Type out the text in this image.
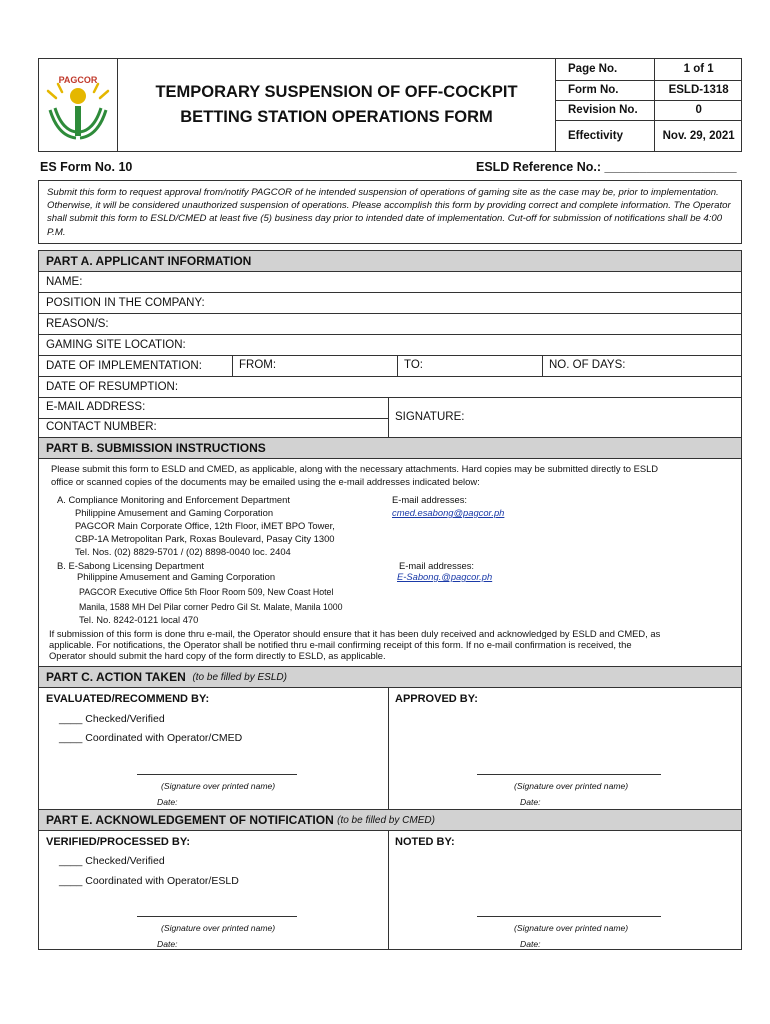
PAGCOR
TEMPORARY SUSPENSION OF OFF-COCKPIT
BETTING STATION OPERATIONS FORM
Page No.	1 of 1
Form No.	ESLD-1318
Revision No.	0
Effectivity	Nov. 29, 2021
ES Form No. 10	ESLD Reference No.: ___________________
Submit this form to request approval from/notify PAGCOR of he intended suspension of operations of gaming site as the case may be, prior to implementation. Otherwise, it will be considered unauthorized suspension of operations. Please accomplish this form by providing correct and complete information. The Operator shall submit this form to ESLD/CMED at least five (5) business day prior to intended date of implementation. Cut-off for submission of notifications shall be 4:00 P.M.
PART A. APPLICANT INFORMATION
NAME:
POSITION IN THE COMPANY:
REASON/S:
GAMING SITE LOCATION:
DATE OF IMPLEMENTATION:	FROM:	TO:	NO. OF DAYS:
DATE OF RESUMPTION:
E-MAIL ADDRESS:
CONTACT NUMBER:
SIGNATURE:
PART B. SUBMISSION INSTRUCTIONS
Please submit this form to ESLD and CMED, as applicable, along with the necessary attachments. Hard copies may be submitted directly to ESLD
office or scanned copies of the documents may be emailed using the e-mail addresses indicated below:
A. Compliance Monitoring and Enforcement Department
Philippine Amusement and Gaming Corporation
PAGCOR Main Corporate Office, 12th Floor, iMET BPO Tower,
CBP-1A Metropolitan Park, Roxas Boulevard, Pasay City 1300
Tel. Nos. (02) 8829-5701 / (02) 8898-0040 loc. 2404
E-mail addresses:
cmed.esabong@pagcor.ph
B. E-Sabong Licensing Department
Philippine Amusement and Gaming Corporation
PAGCOR Executive Office 5th Floor Room 509, New Coast Hotel
Manila, 1588 MH Del Pilar corner Pedro Gil St. Malate, Manila 1000
Tel. No. 8242-0121 local 470
E-mail addresses:
E-Sabong.@pagcor.ph
If submission of this form is done thru e-mail, the Operator should ensure that it has been duly received and acknowledged by ESLD and CMED, as
applicable. For notifications, the Operator shall be notified thru e-mail confirming receipt of this form. If no e-mail confirmation is received, the
Operator should submit the hard copy of the form directly to ESLD, as applicable.
PART C. ACTION TAKEN
(to be filled by ESLD)
EVALUATED/RECOMMEND BY:	APPROVED BY:
____ Checked/Verified
____ Coordinated with Operator/CMED
(Signature over printed name)
Date:
(Signature over printed name)
Date:
PART E. ACKNOWLEDGEMENT OF NOTIFICATION
(to be filled by CMED)
VERIFIED/PROCESSED BY:	NOTED BY:
____ Checked/Verified
____ Coordinated with Operator/ESLD
(Signature over printed name)
Date:
(Signature over printed name)
Date:
